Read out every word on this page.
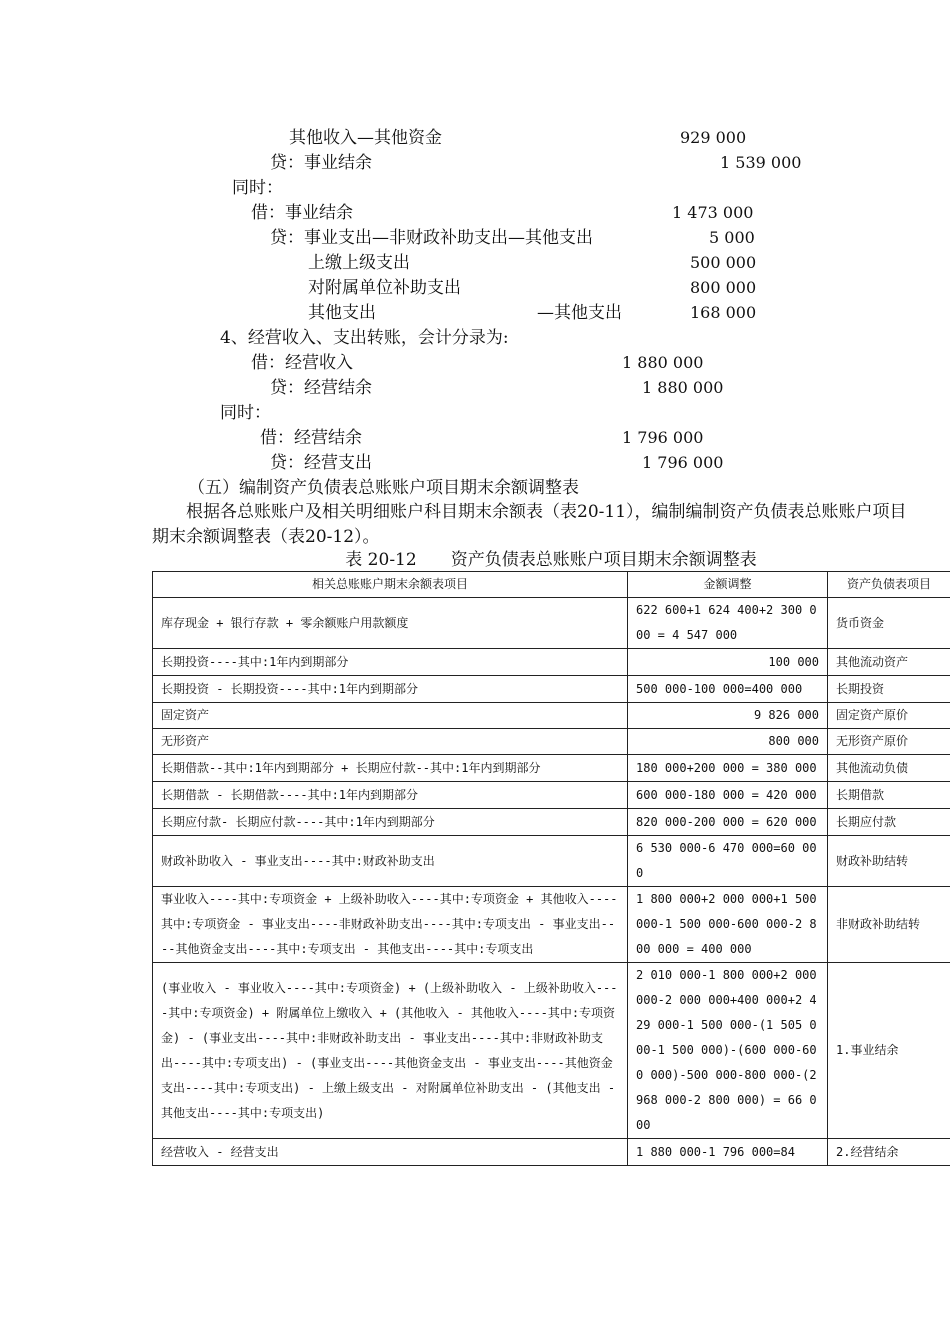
其他收入—其他资金	929 000
贷：事业结余	1 539 000
同时：
借：事业结余	1 473 000
贷：事业支出—非财政补助支出—其他支出	5 000
上缴上级支出	500 000
对附属单位补助支出	800 000
其他支出	—其他支出	168 000
4、经营收入、支出转账，会计分录为:
借：经营收入	1 880 000
贷：经营结余	1 880 000
同时：
借：经营结余	1 796 000
贷：经营支出	1 796 000
（五）编制资产负债表总账账户项目期末余额调整表
根据各总账账户及相关明细账户科目期末余额表（表20-11），编制编制资产负债表总账账户项目期末余额调整表（表20-12）。
表 20-12　　资产负债表总账账户项目期末余额调整表
相关总账账户期末余额表项目	金额调整	资产负债表项目
库存现金 + 银行存款 + 零余额账户用款额度	622 600+1 624 400+2 300 000 = 4 547 000	货币资金
长期投资----其中:1年内到期部分	100 000	其他流动资产
长期投资 - 长期投资----其中:1年内到期部分	500 000-100 000=400 000	长期投资
固定资产	9 826 000	固定资产原价
无形资产	800 000	无形资产原价
长期借款--其中:1年内到期部分 + 长期应付款--其中:1年内到期部分	180 000+200 000 = 380 000	其他流动负债
长期借款 - 长期借款----其中:1年内到期部分	600 000-180 000 = 420 000	长期借款
长期应付款- 长期应付款----其中:1年内到期部分	820 000-200 000 = 620 000	长期应付款
财政补助收入 - 事业支出----其中:财政补助支出	6 530 000-6 470 000=60 000	财政补助结转
事业收入----其中:专项资金 + 上级补助收入----其中:专项资金 + 其他收入----其中:专项资金 - 事业支出----非财政补助支出----其中:专项支出 - 事业支出----其他资金支出----其中:专项支出 - 其他支出----其中:专项支出	1 800 000+2 000 000+1 500 000-1 500 000-600 000-2 800 000 = 400 000	非财政补助结转
(事业收入 - 事业收入----其中:专项资金) + (上级补助收入 - 上级补助收入----其中:专项资金) + 附属单位上缴收入 + (其他收入 - 其他收入----其中:专项资金) - (事业支出----其中:非财政补助支出 - 事业支出----其中:非财政补助支出----其中:专项支出) - (事业支出----其他资金支出 - 事业支出----其他资金支出----其中:专项支出) - 上缴上级支出 - 对附属单位补助支出 - (其他支出 - 其他支出----其中:专项支出)	2 010 000-1 800 000+2 000 000-2 000 000+400 000+2 429 000-1 500 000-(1 505 000-1 500 000)-(600 000-600 000)-500 000-800 000-(2 968 000-2 800 000) = 66 000	1.事业结余
经营收入 - 经营支出	1 880 000-1 796 000=84	2.经营结余
